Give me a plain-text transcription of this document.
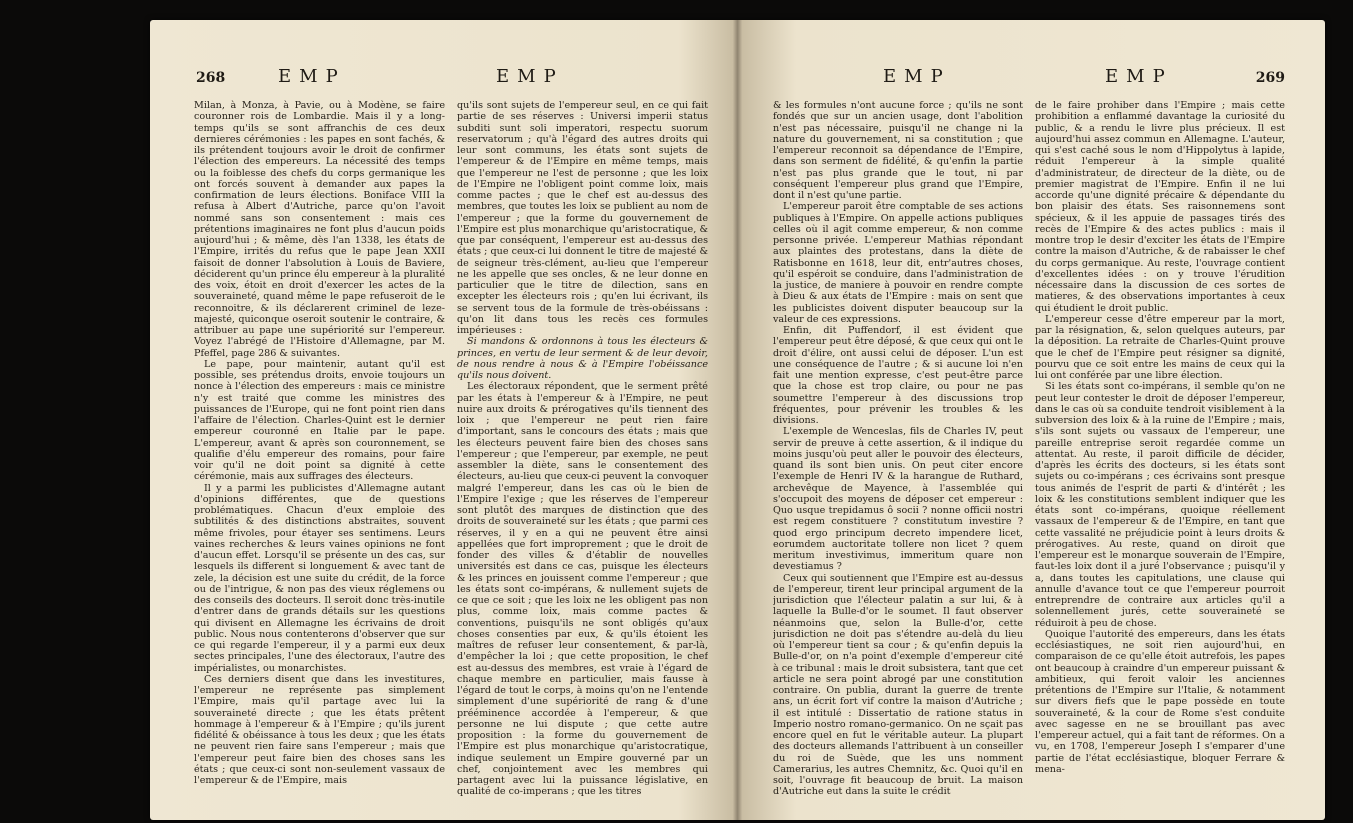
268	EMP	EMP

Milan, à Monza, à Pavie, ou à Modène, se faire couronner rois de Lombardie. Mais il y a long-temps qu'ils se sont affranchis de ces deux dernieres cérémonies : les papes en sont fachés, & ils prétendent toujours avoir le droit de confirmer l'élection des empereurs. La nécessité des temps ou la foiblesse des chefs du corps germanique les ont forcés souvent à demander aux papes la confirmation de leurs élections. Boniface VIII la refusa à Albert d'Autriche, parce qu'on l'avoit nommé sans son consentement : mais ces prétentions imaginaires ne font plus d'aucun poids aujourd'hui ; & même, dès l'an 1338, les états de l'Empire, irrités du refus que le pape Jean XXII faisoit de donner l'absolution à Louis de Baviere, déciderent qu'un prince élu empereur à la pluralité des voix, étoit en droit d'exercer les actes de la souveraineté, quand même le pape refuseroit de le reconnoitre, & ils déclarerent criminel de leze-majesté, quiconque oseroit soutenir le contraire, & attribuer au pape une supériorité sur l'empereur. Voyez l'abrégé de l'Histoire d'Allemagne, par M. Pfeffel, page 286 & suivantes.

Le pape, pour maintenir, autant qu'il est possible, ses prétendus droits, envoie toujours un nonce à l'élection des empereurs : mais ce ministre n'y est traité que comme les ministres des puissances de l'Europe, qui ne font point rien dans l'affaire de l'élection. Charles-Quint est le dernier empereur couronné en Italie par le pape. L'empereur, avant & après son couronnement, se qualifie d'élu empereur des romains, pour faire voir qu'il ne doit point sa dignité à cette cérémonie, mais aux suffrages des électeurs.

Il y a parmi les publicistes d'Allemagne autant d'opinions différentes, que de questions problématiques. Chacun d'eux emploie des subtilités & des distinctions abstraites, souvent même frivoles, pour étayer ses sentimens. Leurs vaines recherches & leurs vaines opinions ne font d'aucun effet. Lorsqu'il se présente un des cas, sur lesquels ils different si longuement & avec tant de zele, la décision est une suite du crédit, de la force ou de l'intrigue, & non pas des vieux réglemens ou des conseils des docteurs. Il seroit donc très-inutile d'entrer dans de grands détails sur les questions qui divisent en Allemagne les écrivains de droit public. Nous nous contenterons d'observer que sur ce qui regarde l'empereur, il y a parmi eux deux sectes principales, l'une des électoraux, l'autre des impérialistes, ou monarchistes.

Ces derniers disent que dans les investitures, l'empereur ne représente pas simplement l'Empire, mais qu'il partage avec lui la souveraineté directe ; que les états prêtent hommage à l'empereur & à l'Empire ; qu'ils jurent fidélité & obéissance à tous les deux ; que les états ne peuvent rien faire sans l'empereur ; mais que l'empereur peut faire bien des choses sans les états ; que ceux-ci sont non-seulement vassaux de l'empereur & de l'Empire, mais

qu'ils sont sujets de l'empereur seul, en ce qui fait partie de ses réserves : Universi imperii status subditi sunt soli imperatori, respectu suorum reservatorum ; qu'à l'égard des autres droits qui leur sont communs, les états sont sujets de l'empereur & de l'Empire en même temps, mais que l'empereur ne l'est de personne ; que les loix de l'Empire ne l'obligent point comme loix, mais comme pactes ; que le chef est au-dessus des membres, que toutes les loix se publient au nom de l'empereur ; que la forme du gouvernement de l'Empire est plus monarchique qu'aristocratique, & que par conséquent, l'empereur est au-dessus des états ; que ceux-ci lui donnent le titre de majesté & de seigneur très-clément, au-lieu que l'empereur ne les appelle que ses oncles, & ne leur donne en particulier que le titre de dilection, sans en excepter les électeurs rois ; qu'en lui écrivant, ils se servent tous de la formule de très-obéissans : qu'on lit dans tous les recès ces formules impérieuses :

Si mandons & ordonnons à tous les électeurs & princes, en vertu de leur serment & de leur devoir, de nous rendre à nous & à l'Empire l'obéissance qu'ils nous doivent.

Les électoraux répondent, que le serment prêté par les états à l'empereur & à l'Empire, ne peut nuire aux droits & prérogatives qu'ils tiennent des loix ; que l'empereur ne peut rien faire d'important, sans le concours des états ; mais que les électeurs peuvent faire bien des choses sans l'empereur ; que l'empereur, par exemple, ne peut assembler la diète, sans le consentement des électeurs, au-lieu que ceux-ci peuvent la convoquer malgré l'empereur, dans les cas où le bien de l'Empire l'exige ; que les réserves de l'empereur sont plutôt des marques de distinction que des droits de souveraineté sur les états ; que parmi ces réserves, il y en a qui ne peuvent être ainsi appellées que fort improprement ; que le droit de fonder des villes & d'établir de nouvelles universités est dans ce cas, puisque les électeurs & les princes en jouissent comme l'empereur ; que les états sont co-impérans, & nullement sujets de ce que ce soit ; que les loix ne les obligent pas non plus, comme loix, mais comme pactes & conventions, puisqu'ils ne sont obligés qu'aux choses consenties par eux, & qu'ils étoient les maîtres de refuser leur consentement, & par-là, d'empêcher la loi ; que cette proposition, le chef est au-dessus des membres, est vraie à l'égard de chaque membre en particulier, mais fausse à l'égard de tout le corps, à moins qu'on ne l'entende simplement d'une supériorité de rang & d'une prééminence accordée à l'empereur, & que personne ne lui dispute ; que cette autre proposition : la forme du gouvernement de l'Empire est plus monarchique qu'aristocratique, indique seulement un Empire gouverné par un chef, conjointement avec les membres qui partagent avec lui la puissance législative, en qualité de co-imperans ; que les titres

EMP	EMP	269

& les formules n'ont aucune force ; qu'ils ne sont fondés que sur un ancien usage, dont l'abolition n'est pas nécessaire, puisqu'il ne change ni la nature du gouvernement, ni sa constitution ; que l'empereur reconnoit sa dépendance de l'Empire, dans son serment de fidélité, & qu'enfin la partie n'est pas plus grande que le tout, ni par conséquent l'empereur plus grand que l'Empire, dont il n'est qu'une partie.

L'empereur paroit être comptable de ses actions publiques à l'Empire. On appelle actions publiques celles où il agit comme empereur, & non comme personne privée. L'empereur Mathias répondant aux plaintes des protestans, dans la diète de Ratisbonne en 1618, leur dit, entr'autres choses, qu'il espéroit se conduire, dans l'administration de la justice, de maniere à pouvoir en rendre compte à Dieu & aux états de l'Empire : mais on sent que les publicistes doivent disputer beaucoup sur la valeur de ces expressions.

Enfin, dit Puffendorf, il est évident que l'empereur peut être déposé, & que ceux qui ont le droit d'élire, ont aussi celui de déposer. L'un est une conséquence de l'autre ; & si aucune loi n'en fait une mention expresse, c'est peut-être parce que la chose est trop claire, ou pour ne pas soumettre l'empereur à des discussions trop fréquentes, pour prévenir les troubles & les divisions.

L'exemple de Wenceslas, fils de Charles IV, peut servir de preuve à cette assertion, & il indique du moins jusqu'où peut aller le pouvoir des électeurs, quand ils sont bien unis. On peut citer encore l'exemple de Henri IV & la harangue de Ruthard, archevêque de Mayence, à l'assemblée qui s'occupoit des moyens de déposer cet empereur : Quo usque trepidamus ô socii ? nonne officii nostri est regem constituere ? constitutum investire ? quod ergo principum decreto impendere licet, eorumdem auctoritate tollere non licet ? quem meritum investivimus, immeritum quare non devestiamus ?

Ceux qui soutiennent que l'Empire est au-dessus de l'empereur, tirent leur principal argument de la jurisdiction que l'électeur palatin a sur lui, & à laquelle la Bulle-d'or le soumet. Il faut observer néanmoins que, selon la Bulle-d'or, cette jurisdiction ne doit pas s'étendre au-delà du lieu où l'empereur tient sa cour ; & qu'enfin depuis la Bulle-d'or, on n'a point d'exemple d'empereur cité à ce tribunal : mais le droit subsistera, tant que cet article ne sera point abrogé par une constitution contraire. On publia, durant la guerre de trente ans, un écrit fort vif contre la maison d'Autriche ; il est intitulé : Dissertatio de ratione status in Imperio nostro romano-germanico. On ne sçait pas encore quel en fut le véritable auteur. La plupart des docteurs allemands l'attribuent à un conseiller du roi de Suède, que les uns nomment Camerarius, les autres Chemnitz, &c. Quoi qu'il en soit, l'ouvrage fit beaucoup de bruit. La maison d'Autriche eut dans la suite le crédit

de le faire prohiber dans l'Empire ; mais cette prohibition a enflammé davantage la curiosité du public, & a rendu le livre plus précieux. Il est aujourd'hui assez commun en Allemagne. L'auteur, qui s'est caché sous le nom d'Hippolytus à lapide, réduit l'empereur à la simple qualité d'administrateur, de directeur de la diète, ou de premier magistrat de l'Empire. Enfin il ne lui accorde qu'une dignité précaire & dépendante du bon plaisir des états. Ses raisonnemens sont spécieux, & il les appuie de passages tirés des recès de l'Empire & des actes publics : mais il montre trop le desir d'exciter les états de l'Empire contre la maison d'Autriche, & de rabaisser le chef du corps germanique. Au reste, l'ouvrage contient d'excellentes idées : on y trouve l'érudition nécessaire dans la discussion de ces sortes de matieres, & des observations importantes à ceux qui étudient le droit public.

L'empereur cesse d'être empereur par la mort, par la résignation, &, selon quelques auteurs, par la déposition. La retraite de Charles-Quint prouve que le chef de l'Empire peut résigner sa dignité, pourvu que ce soit entre les mains de ceux qui la lui ont conférée par une libre élection.

Si les états sont co-impérans, il semble qu'on ne peut leur contester le droit de déposer l'empereur, dans le cas où sa conduite tendroit visiblement à la subversion des loix & à la ruine de l'Empire ; mais, s'ils sont sujets ou vassaux de l'empereur, une pareille entreprise seroit regardée comme un attentat. Au reste, il paroit difficile de décider, d'après les écrits des docteurs, si les états sont sujets ou co-impérans ; ces écrivains sont presque tous animés de l'esprit de parti & d'intérêt ; les loix & les constitutions semblent indiquer que les états sont co-impérans, quoique réellement vassaux de l'empereur & de l'Empire, en tant que cette vassalité ne préjudicie point à leurs droits & prérogatives. Au reste, quand on diroit que l'empereur est le monarque souverain de l'Empire, faut-les loix dont il a juré l'observance ; puisqu'il y a, dans toutes les capitulations, une clause qui annulle d'avance tout ce que l'empereur pourroit entreprendre de contraire aux articles qu'il a solennellement jurés, cette souveraineté se réduiroit à peu de chose.

Quoique l'autorité des empereurs, dans les états ecclésiastiques, ne soit rien aujourd'hui, en comparaison de ce qu'elle étoit autrefois, les papes ont beaucoup à craindre d'un empereur puissant & ambitieux, qui feroit valoir les anciennes prétentions de l'Empire sur l'Italie, & notamment sur divers fiefs que le pape possède en toute souveraineté, & la cour de Rome s'est conduite avec sagesse en ne se brouillant pas avec l'empereur actuel, qui a fait tant de réformes. On a vu, en 1708, l'empereur Joseph I s'emparer d'une partie de l'état ecclésiastique, bloquer Ferrare & mena-
